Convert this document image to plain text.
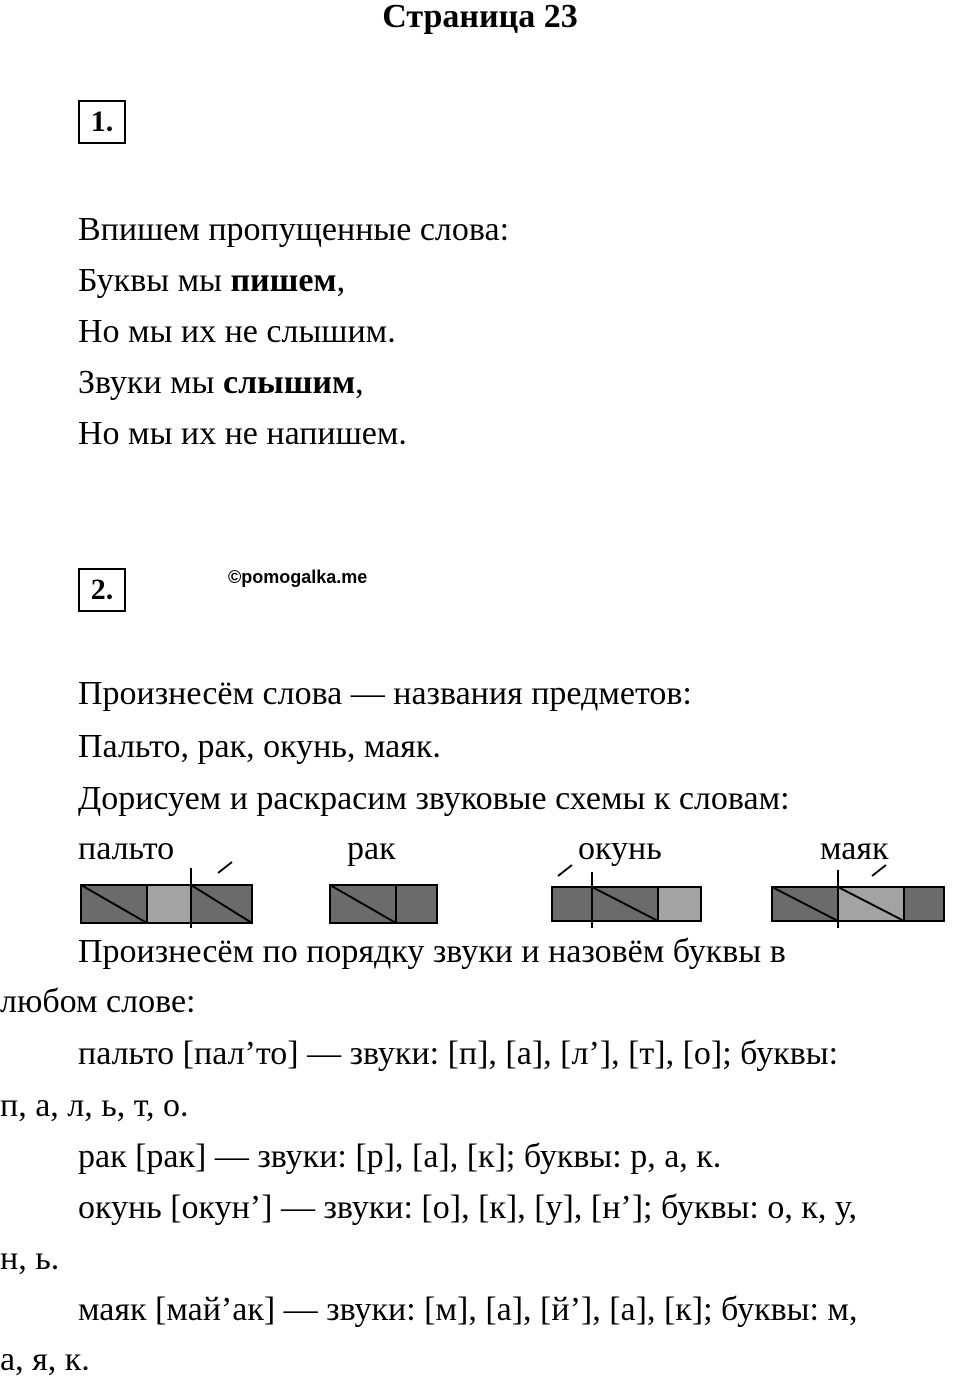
Страница 23
1.
Впишем пропущенные слова:
Буквы мы пишем,
Но мы их не слышим.
Звуки мы слышим,
Но мы их не напишем.
2.	©pomogalka.me
Произнесём слова — названия предметов:
Пальто, рак, окунь, маяк.
Дорисуем и раскрасим звуковые схемы к словам:
пальто	рак	окунь	маяк
Произнесём по порядку звуки и назовём буквы в
любом слове:
пальто [пал’то] — звуки: [п], [а], [л’], [т], [о]; буквы:
п, а, л, ь, т, о.
рак [рак] — звуки: [р], [а], [к]; буквы: р, а, к.
окунь [окун’] — звуки: [о], [к], [у], [н’]; буквы: о, к, у,
н, ь.
маяк [май’ак] — звуки: [м], [а], [й’], [а], [к]; буквы: м,
а, я, к.
